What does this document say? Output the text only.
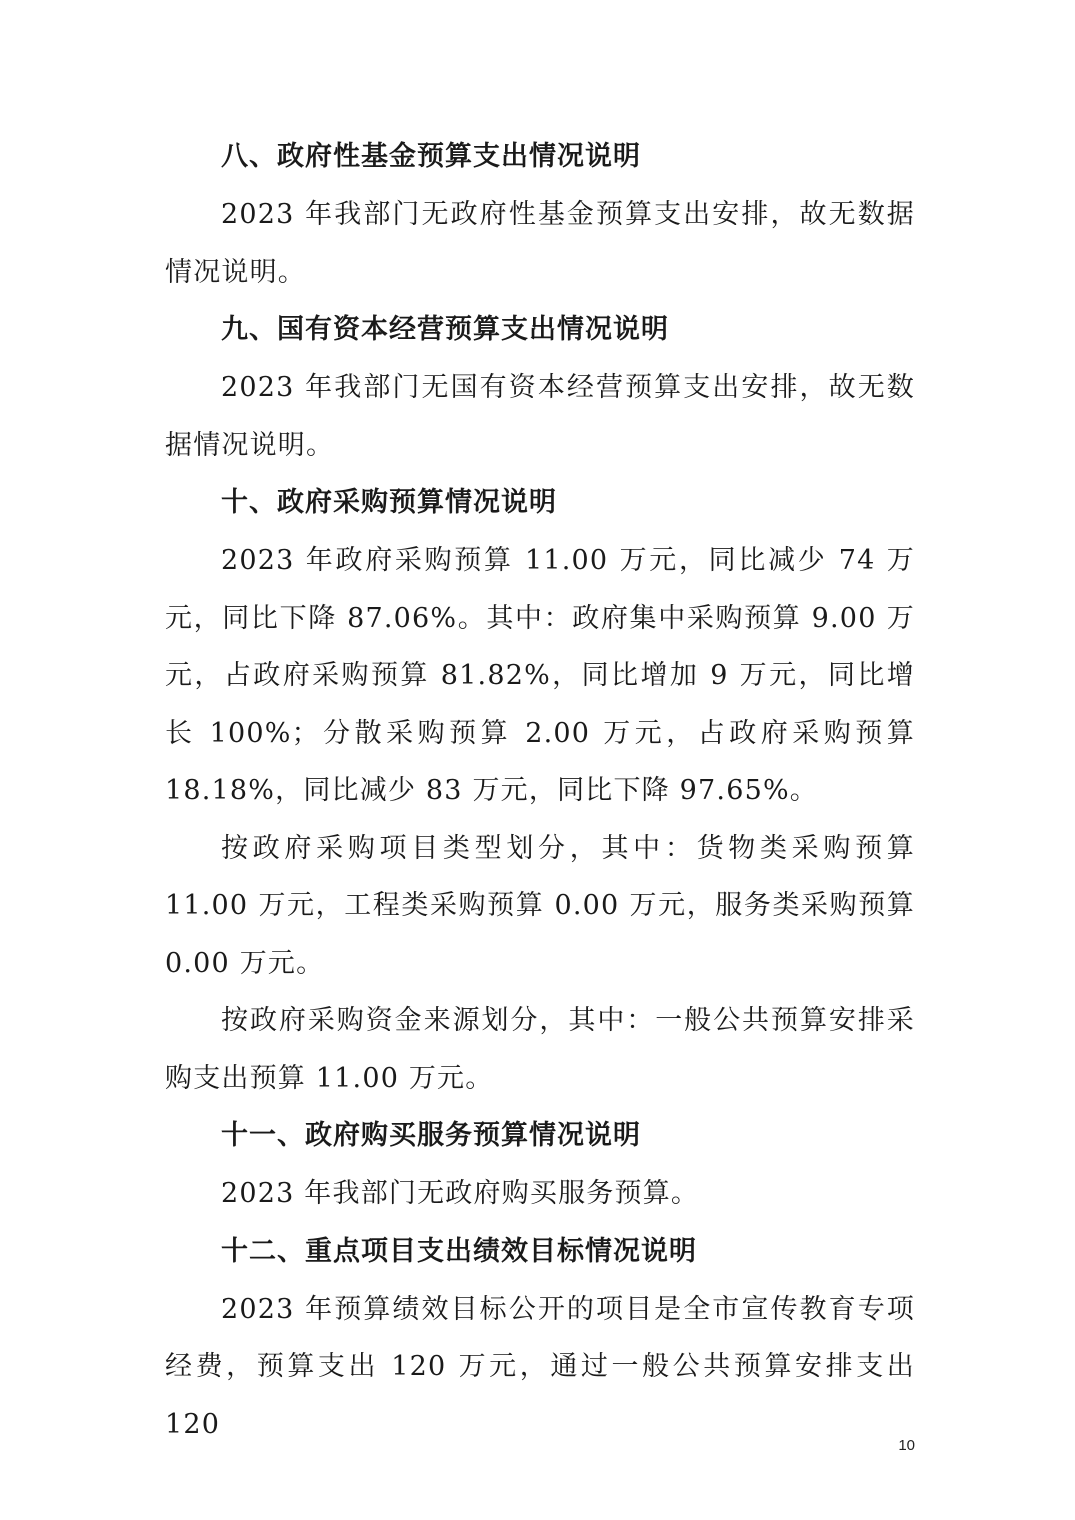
八、政府性基金预算支出情况说明

2023 年我部门无政府性基金预算支出安排，故无数据情况说明。

九、国有资本经营预算支出情况说明

2023 年我部门无国有资本经营预算支出安排，故无数据情况说明。

十、政府采购预算情况说明

2023 年政府采购预算 11.00 万元，同比减少 74 万元，同比下降 87.06%。其中：政府集中采购预算 9.00 万元，占政府采购预算 81.82%，同比增加 9 万元，同比增长 100%；分散采购预算 2.00 万元，占政府采购预算 18.18%，同比减少 83 万元，同比下降 97.65%。

按政府采购项目类型划分，其中：货物类采购预算 11.00 万元，工程类采购预算 0.00 万元，服务类采购预算 0.00 万元。

按政府采购资金来源划分，其中：一般公共预算安排采购支出预算 11.00 万元。

十一、政府购买服务预算情况说明

2023 年我部门无政府购买服务预算。

十二、重点项目支出绩效目标情况说明

2023 年预算绩效目标公开的项目是全市宣传教育专项经费，预算支出 120 万元，通过一般公共预算安排支出 120

10
